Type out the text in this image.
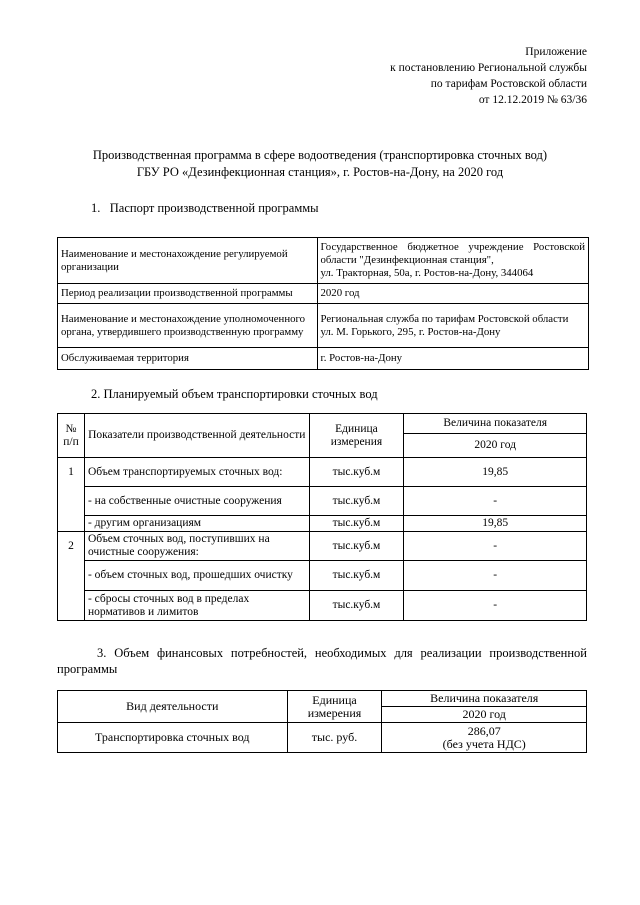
Приложение
к постановлению Региональной службы
по тарифам Ростовской области
от 12.12.2019 № 63/36
Производственная программа в сфере водоотведения (транспортировка сточных вод)
ГБУ РО «Дезинфекционная станция», г. Ростов-на-Дону, на 2020 год
1. Паспорт производственной программы
Наименование и местонахождение регулируемой организации	Государственное бюджетное учреждение Ростовской области "Дезинфекционная станция",
ул. Тракторная, 50а, г. Ростов-на-Дону, 344064

Период реализации производственной программы	2020 год
Наименование и местонахождение уполномоченного органа, утвердившего производственную программу	Региональная служба по тарифам Ростовской области
ул. М. Горького, 295, г. Ростов-на-Дону

Обслуживаемая территория	г. Ростов-на-Дону
2. Планируемый объем транспортировки сточных вод
№ п/п	Показатели производственной деятельности	Единица измерения	Величина показателя
			2020 год
1	Объем транспортируемых сточных вод:	тыс.куб.м	19,85
	- на собственные очистные сооружения	тыс.куб.м	-
	- другим организациям	тыс.куб.м	19,85
2	Объем сточных вод, поступивших на очистные сооружения:	тыс.куб.м	-
	- объем сточных вод, прошедших очистку	тыс.куб.м	-
	- сбросы сточных вод в пределах нормативов и лимитов	тыс.куб.м	-
3. Объем финансовых потребностей, необходимых для реализации производственной программы
Вид деятельности	Единица измерения	Величина показателя
		2020 год
Транспортировка сточных вод	тыс. руб.	286,07
(без учета НДС)
